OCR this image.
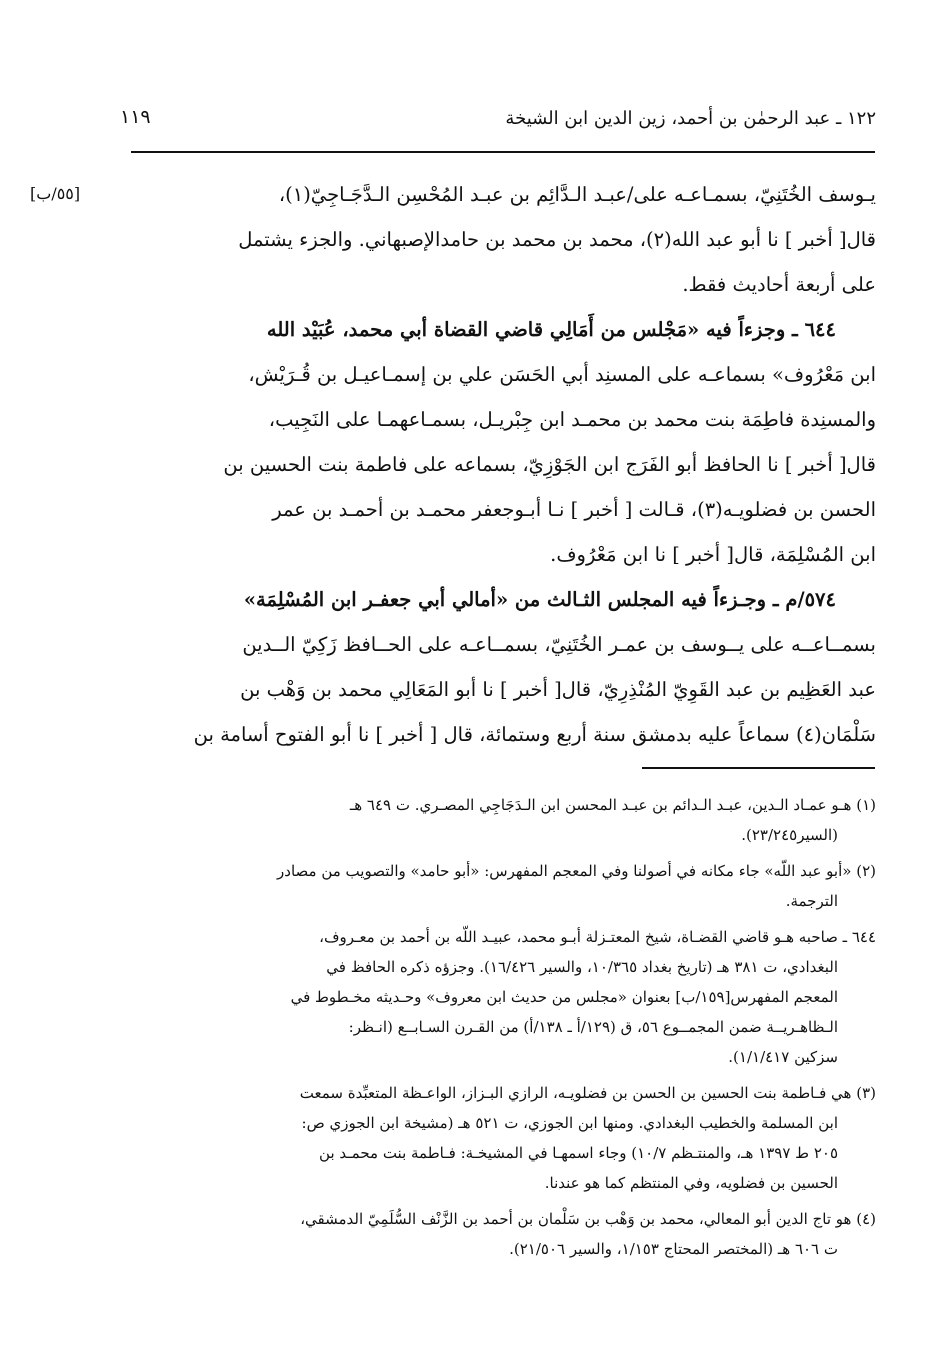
١٢٢ ـ عبد الرحمٰن بن أحمد، زين الدين ابن الشيخة
١١٩
[٥٥/ب]	يـوسف الخُتَنِيّ، بسمـاعـه على/عبـد الـدَّائِم بن عبـد المُحْسِن الـدَّجَـاجِيّ(١)،
قال[ أخبر ] نا أبو عبد الله(٢)، محمد بن محمد بن حامدالإصبهاني. والجزء يشتمل
على أربعة أحاديث فقط.
٦٤٤ ـ وجزءاً فيه «مَجْلس من أَمَالِي قاضي القضاة أبي محمد، عُبَيْد الله
ابن مَعْرُوف» بسماعـه على المسنِد أبي الحَسَن علي بن إسمـاعيـل بن قُـرَيْش،
والمسنِدة فاطِمَة بنت محمد بن محمـد ابن جِبْريـل، بسمـاعهمـا على النَجِيب،
قال[ أخبر ] نا الحافظ أبو الفَرَج ابن الجَوْزِيّ، بسماعه على فاطمة بنت الحسين بن
الحسن بن فضلويـه(٣)، قـالت [ أخبر ] نـا أبـوجعفر محمـد بن أحمـد بن عمر
ابن المُسْلِمَة، قال[ أخبر ] نا ابن مَعْرُوف.
٥٧٤/م ـ وجـزءاً فيه المجلس الثـالث من «أمالي أبي جعفـر ابن المُسْلِمَة»
بسمــاعــه على يــوسف بن عمـر الخُتَنِيّ، بسمــاعـه على الحــافظ زَكِيّ الــدين
عبد العَظِيم بن عبد القَوِيّ المُنْذِرِيّ، قال[ أخبر ] نا أبو المَعَالِي محمد بن وَهْب بن
سَلْمَان(٤) سماعاً عليه بدمشق سنة أربع وستمائة، قال [ أخبر ] نا أبو الفتوح أسامة بن
(١) هـو عمـاد الـدين، عبـد الـدائم بن عبـد المحسن ابن الـدَجَاجِي المصـري. ت ٦٤٩ هـ
(السير٢٣/٢٤٥).
(٢) «أبو عبد اللّه» جاء مكانه في أصولنا وفي المعجم المفهرس: «أبو حامد» والتصويب من مصادر
الترجمة.
٦٤٤ ـ صاحبه هـو قاضي القضـاة، شيخ المعتـزلة أبـو محمد، عبيـد اللّه بن أحمد بن معـروف،
البغدادي، ت ٣٨١ هـ (تاريخ بغداد ١٠/٣٦٥، والسير ١٦/٤٢٦). وجزؤه ذكره الحافظ في
المعجم المفهرس[١٥٩/ب] بعنوان «مجلس من حديث ابن معروف» وحـديثه مخـطوط في
الـظاهـريــة ضمن المجمــوع ٥٦، ق (١٢٩/أ ـ ١٣٨/أ) من القـرن السـابــع (انـظر:
سزكين ١/١/٤١٧).
(٣) هي فـاطمة بنت الحسين بن الحسن بن فضلويـه، الرازي البـزاز، الواعـظة المتعبِّدة سمعت
ابن المسلمة والخطيب البغدادي. ومنها ابن الجوزي، ت ٥٢١ هـ (مشيخة ابن الجوزي ص:
٢٠٥ ط ١٣٩٧ هـ، والمنتـظم ١٠/٧) وجاء اسمهـا في المشيخـة: فـاطمة بنت محمـد بن
الحسين بن فضلويه، وفي المنتظم كما هو عندنا.
(٤) هو تاج الدين أبو المعالي، محمد بن وَهْب بن سَلْمان بن أحمد بن الزَّنْف السُّلَمِيّ الدمشقي،
ت ٦٠٦ هـ (المختصر المحتاج ١/١٥٣، والسير ٢١/٥٠٦).
